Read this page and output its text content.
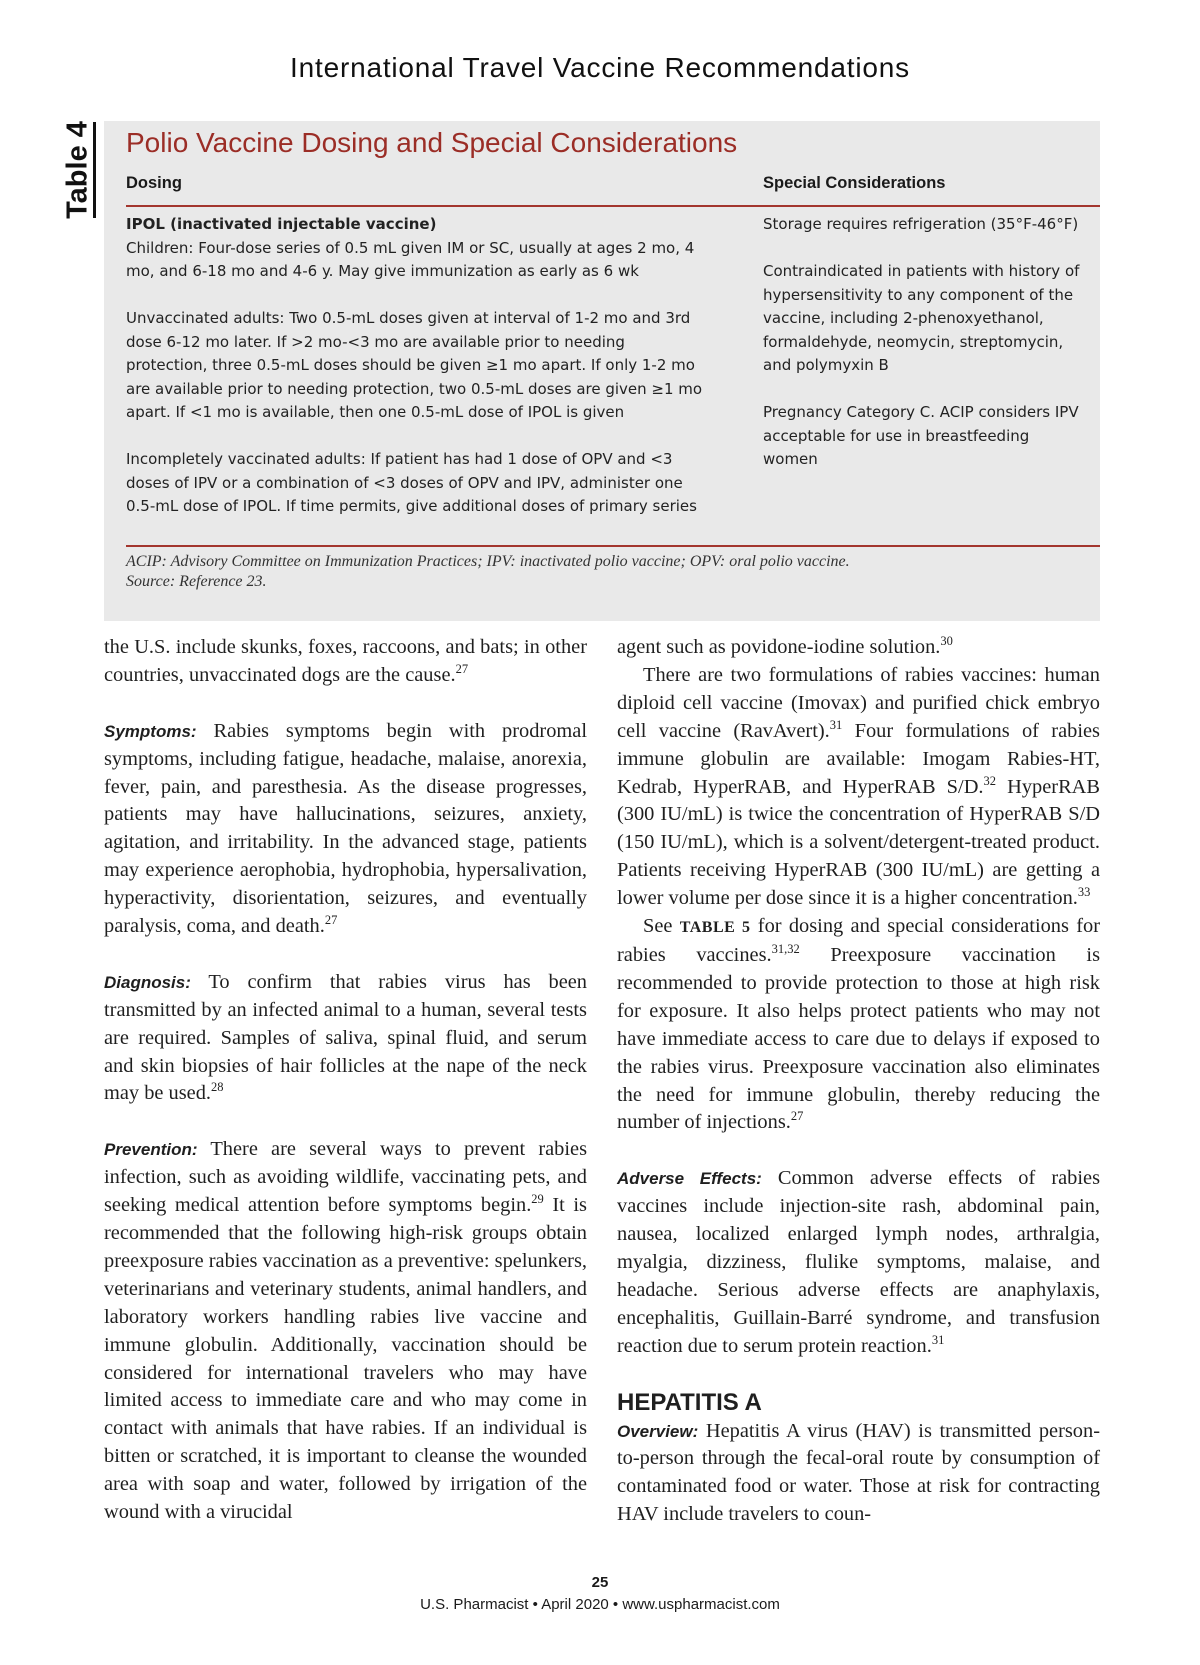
International Travel Vaccine Recommendations
Table 4 Polio Vaccine Dosing and Special Considerations
Dosing	Special Considerations

IPOL (inactivated injectable vaccine)

Children: Four-dose series of 0.5 mL given IM or SC, usually at ages 2 mo, 4 mo, and 6-18 mo and 4-6 y. May give immunization as early as 6 wk

Unvaccinated adults: Two 0.5-mL doses given at interval of 1-2 mo and 3rd dose 6-12 mo later. If >2 mo-<3 mo are available prior to needing protection, three 0.5-mL doses should be given ≥1 mo apart. If only 1-2 mo are available prior to needing protection, two 0.5-mL doses are given ≥1 mo apart. If <1 mo is available, then one 0.5-mL dose of IPOL is given

Incompletely vaccinated adults: If patient has had 1 dose of OPV and <3 doses of IPV or a combination of <3 doses of OPV and IPV, administer one 0.5-mL dose of IPOL. If time permits, give additional doses of primary series

Storage requires refrigeration (35°F-46°F)

Contraindicated in patients with history of hypersensitivity to any component of the vaccine, including 2-phenoxyethanol, formaldehyde, neomycin, streptomycin, and polymyxin B

Pregnancy Category C. ACIP considers IPV acceptable for use in breastfeeding women

ACIP: Advisory Committee on Immunization Practices; IPV: inactivated polio vaccine; OPV: oral polio vaccine.
Source: Reference 23.

the U.S. include skunks, foxes, raccoons, and bats; in other countries, unvaccinated dogs are the cause.$^{27}$

Symptoms: Rabies symptoms begin with prodromal symptoms, including fatigue, headache, malaise, anorexia, fever, pain, and paresthesia. As the disease progresses, patients may have hallucinations, seizures, anxiety, agitation, and irritability. In the advanced stage, patients may experience aerophobia, hydrophobia, hypersalivation, hyperactivity, disorientation, seizures, and eventually paralysis, coma, and death.$^{27}$

Diagnosis: To confirm that rabies virus has been transmitted by an infected animal to a human, several tests are required. Samples of saliva, spinal fluid, and serum and skin biopsies of hair follicles at the nape of the neck may be used.$^{28}$

Prevention: There are several ways to prevent rabies infection, such as avoiding wildlife, vaccinating pets, and seeking medical attention before symptoms begin.$^{29}$ It is recommended that the following high-risk groups obtain preexposure rabies vaccination as a preventive: spelunkers, veterinarians and veterinary students, animal handlers, and laboratory workers handling rabies live vaccine and immune globulin. Additionally, vaccination should be considered for international travelers who may have limited access to immediate care and who may come in contact with animals that have rabies. If an individual is bitten or scratched, it is important to cleanse the wounded area with soap and water, followed by irrigation of the wound with a virucidal

agent such as povidone-iodine solution.$^{30}$

There are two formulations of rabies vaccines: human diploid cell vaccine (Imovax) and purified chick embryo cell vaccine (RavAvert).$^{31}$ Four formulations of rabies immune globulin are available: Imogam Rabies-HT, Kedrab, HyperRAB, and HyperRAB S/D.$^{32}$ HyperRAB (300 IU/mL) is twice the concentration of HyperRAB S/D (150 IU/mL), which is a solvent/detergent-treated product. Patients receiving HyperRAB (300 IU/mL) are getting a lower volume per dose since it is a higher concentration.$^{33}$

See TABLE 5 for dosing and special considerations for rabies vaccines.$^{31,32}$ Preexposure vaccination is recommended to provide protection to those at high risk for exposure. It also helps protect patients who may not have immediate access to care due to delays if exposed to the rabies virus. Preexposure vaccination also eliminates the need for immune globulin, thereby reducing the number of injections.$^{27}$

Adverse Effects: Common adverse effects of rabies vaccines include injection-site rash, abdominal pain, nausea, localized enlarged lymph nodes, arthralgia, myalgia, dizziness, flulike symptoms, malaise, and headache. Serious adverse effects are anaphylaxis, encephalitis, Guillain-Barré syndrome, and transfusion reaction due to serum protein reaction.$^{31}$

HEPATITIS A

Overview: Hepatitis A virus (HAV) is transmitted person-to-person through the fecal-oral route by consumption of contaminated food or water. Those at risk for contracting HAV include travelers to coun-

25
U.S. Pharmacist • April 2020 • www.uspharmacist.com
